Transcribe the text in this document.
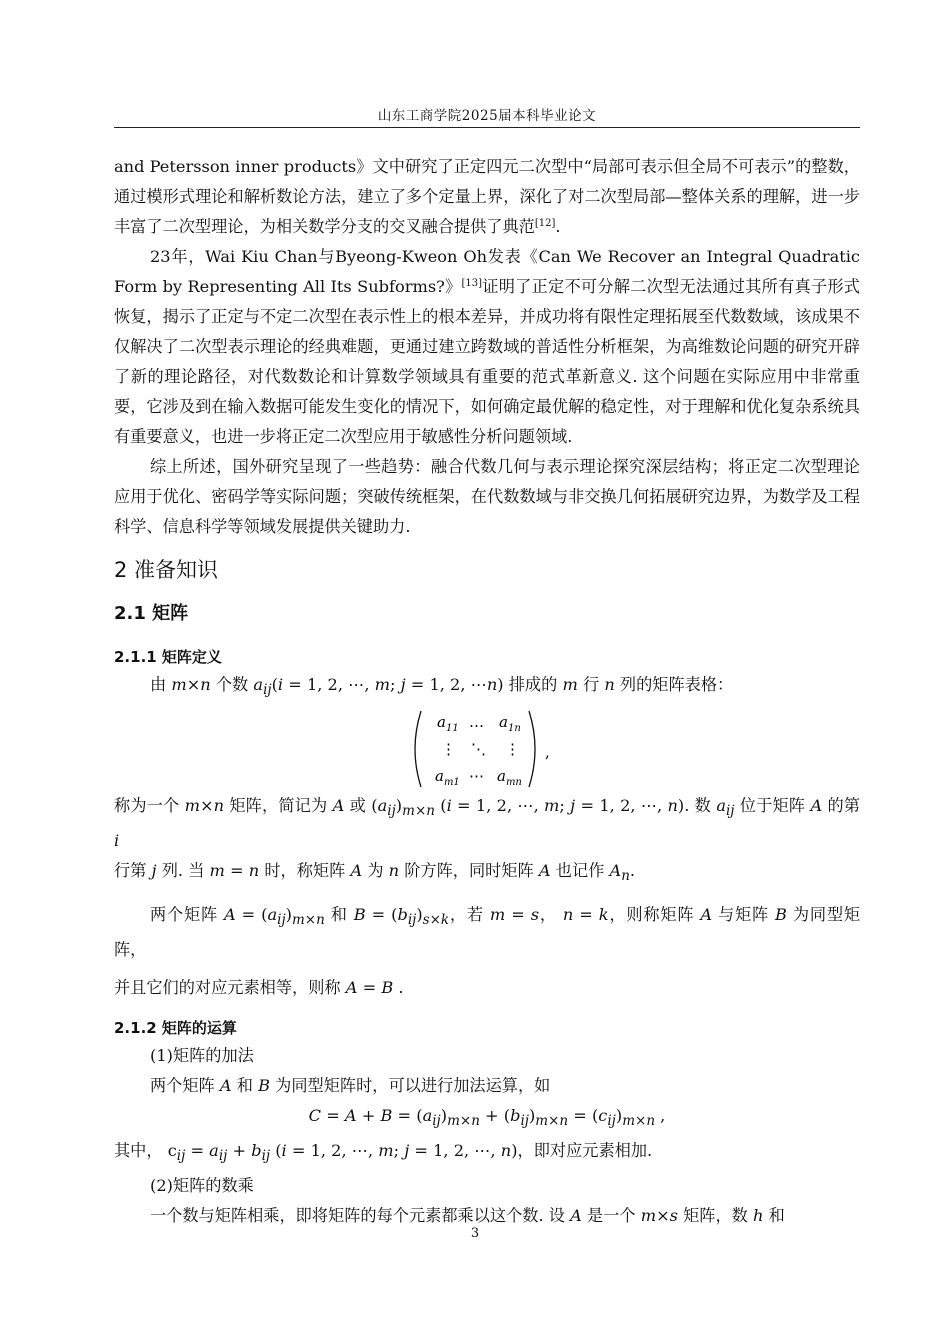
山东工商学院2025届本科毕业论文

and Petersson inner products》文中研究了正定四元二次型中“局部可表示但全局不可表示”的整数，通过模形式理论和解析数论方法，建立了多个定量上界，深化了对二次型局部—整体关系的理解，进一步丰富了二次型理论，为相关数学分支的交叉融合提供了典范[12].

23年，Wai Kiu Chan与Byeong-Kweon Oh发表《Can We Recover an Integral Quadratic Form by Representing All Its Subforms?》[13]证明了正定不可分解二次型无法通过其所有真子形式恢复，揭示了正定与不定二次型在表示性上的根本差异，并成功将有限性定理拓展至代数数域，该成果不仅解决了二次型表示理论的经典难题，更通过建立跨数域的普适性分析框架，为高维数论问题的研究开辟了新的理论路径，对代数数论和计算数学领域具有重要的范式革新意义. 这个问题在实际应用中非常重要，它涉及到在输入数据可能发生变化的情况下，如何确定最优解的稳定性，对于理解和优化复杂系统具有重要意义，也进一步将正定二次型应用于敏感性分析问题领域.

综上所述，国外研究呈现了一些趋势：融合代数几何与表示理论探究深层结构；将正定二次型理论应用于优化、密码学等实际问题；突破传统框架，在代数数域与非交换几何拓展研究边界，为数学及工程科学、信息科学等领域发展提供关键助力.

2 准备知识
2.1 矩阵
2.1.1 矩阵定义

由 m×n 个数 $a_{ij}(i = 1$, 2, ⋯, m; j = 1, 2, ⋯n) 排成的 m 行 n 列的矩阵表格：

$a_{11}$ … $a_{1n}$
⋮ ⋱ ⋮
$a_{m1}$ ⋯ $a_{mn}$
,

称为一个 m×n 矩阵，简记为 A 或 $(a_{ij})_{m\times n}$ (i = 1, 2, ⋯, m; j = 1, 2, ⋯, n). 数 $a_{ij}$ 位于矩阵 A 的第 i

行第 j 列. 当 m = n 时，称矩阵 A 为 n 阶方阵，同时矩阵 A 也记作 $A_n$.

两个矩阵 $A = (a_{ij})_{m\times n}$ 和 $B = (b_{ij})_{s\times k}$，若 m = s， n = k，则称矩阵 A 与矩阵 B 为同型矩阵，

并且它们的对应元素相等，则称 A = B .

2.1.2 矩阵的运算

(1)矩阵的加法

两个矩阵 A 和 B 为同型矩阵时，可以进行加法运算，如

$C = A + B = (a_{ij})_{m\times n} + (b_{ij})_{m\times n} = (c_{ij})_{m\times n}$ ,

其中， $c_{ij} = a_{ij} + b_{ij}$ (i = 1, 2, ⋯, m; j = 1, 2, ⋯, n)，即对应元素相加.

(2)矩阵的数乘

一个数与矩阵相乘，即将矩阵的每个元素都乘以这个数. 设 A 是一个 m×s 矩阵，数 h 和

3
